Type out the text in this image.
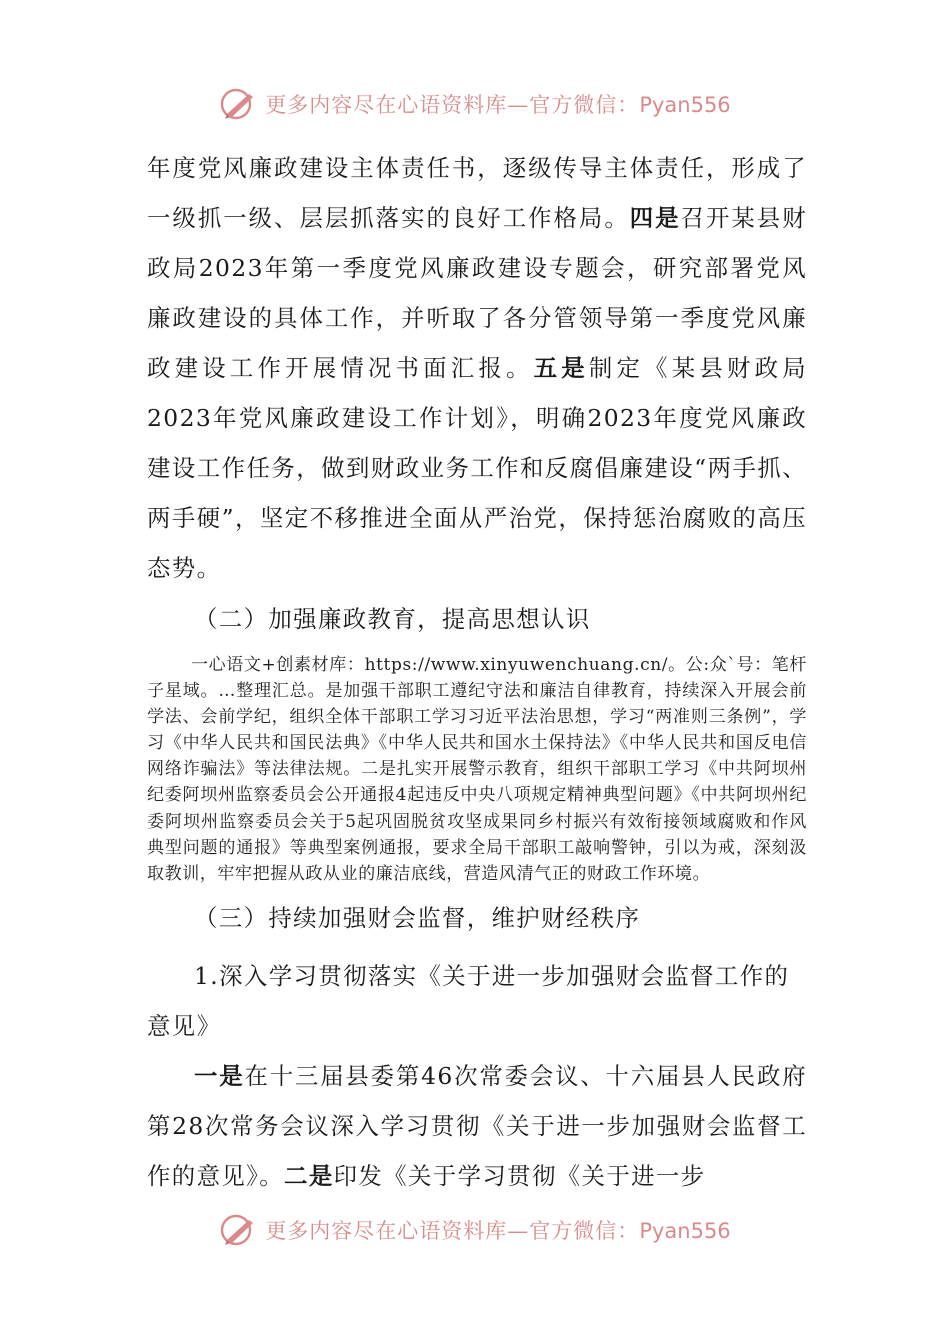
更多内容尽在心语资料库—官方微信：Pyan556

年度党风廉政建设主体责任书，逐级传导主体责任，形成了一级抓一级、层层抓落实的良好工作格局。四是召开某县财政局2023年第一季度党风廉政建设专题会，研究部署党风廉政建设的具体工作，并听取了各分管领导第一季度党风廉政建设工作开展情况书面汇报。五是制定《某县财政局2023年党风廉政建设工作计划》，明确2023年度党风廉政建设工作任务，做到财政业务工作和反腐倡廉建设“两手抓、两手硬”，坚定不移推进全面从严治党，保持惩治腐败的高压态势。

（二）加强廉政教育，提高思想认识

一心语文+创素材库：https://www.xinyuwenchuang.cn/。公:众`号：笔杆子星域。…整理汇总。是加强干部职工遵纪守法和廉洁自律教育，持续深入开展会前学法、会前学纪，组织全体干部职工学习习近平法治思想，学习“两准则三条例”，学习《中华人民共和国民法典》《中华人民共和国水土保持法》《中华人民共和国反电信网络诈骗法》等法律法规。二是扎实开展警示教育，组织干部职工学习《中共阿坝州纪委阿坝州监察委员会公开通报4起违反中央八项规定精神典型问题》《中共阿坝州纪委阿坝州监察委员会关于5起巩固脱贫攻坚成果同乡村振兴有效衔接领域腐败和作风典型问题的通报》等典型案例通报，要求全局干部职工敲响警钟，引以为戒，深刻汲取教训，牢牢把握从政从业的廉洁底线，营造风清气正的财政工作环境。

（三）持续加强财会监督，维护财经秩序

1.深入学习贯彻落实《关于进一步加强财会监督工作的意见》

一是在十三届县委第46次常委会议、十六届县人民政府第28次常务会议深入学习贯彻《关于进一步加强财会监督工作的意见》。二是印发《关于学习贯彻《关于进一步

更多内容尽在心语资料库—官方微信：Pyan556
